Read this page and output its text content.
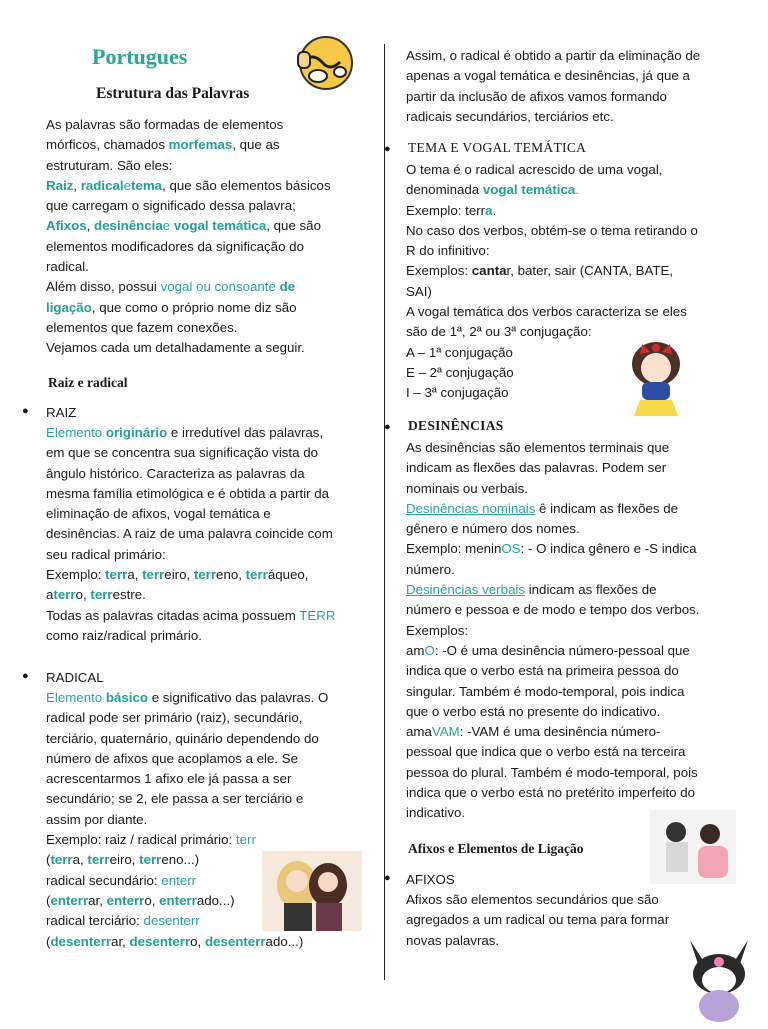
Portugues
Estrutura das Palavras
As palavras são formadas de elementos
mórficos, chamados morfemas, que as
estruturam. São eles:
Raiz, radicaletema, que são elementos básicos
que carregam o significado dessa palavra;
Afixos, desinênciae vogal temática, que são
elementos modificadores da significação do
radical.
Além disso, possui vogal ou consoante de
ligação, que como o próprio nome diz são
elementos que fazem conexões.
Vejamos cada um detalhadamente a seguir.
Raiz e radical
RAIZ
Elemento originário e irredutível das palavras,
em que se concentra sua significação vista do
ângulo histórico. Caracteriza as palavras da
mesma família etimológica e é obtida a partir da
eliminação de afixos, vogal temática e
desinências. A raiz de uma palavra coincide com
seu radical primário:
Exemplo: terra, terreiro, terreno, terráqueo,
aterro, terrestre.
Todas as palavras citadas acima possuem TERR
como raiz/radical primário.
RADICAL
Elemento básico e significativo das palavras. O
radical pode ser primário (raiz), secundário,
terciário, quaternário, quinário dependendo do
número de afixos que acoplamos a ele. Se
acrescentarmos 1 afixo ele já passa a ser
secundário; se 2, ele passa a ser terciário e
assim por diante.
Exemplo: raiz / radical primário: terr
(terra, terreiro, terreno...)
radical secundário: enterr
(enterrar, enterro, enterrado...)
radical terciário: desenterr
(desenterrar, desenterro, desenterrado...)
●
●
Assim, o radical é obtido a partir da eliminação de
apenas a vogal temática e desinências, já que a
partir da inclusão de afixos vamos formando
radicais secundários, terciários etc.
TEMA E VOGAL TEMÁTICA
O tema é o radical acrescido de uma vogal,
denominada vogal temática.
Exemplo: terra.
No caso dos verbos, obtém-se o tema retirando o
R do infinitivo:
Exemplos: cantar, bater, sair (CANTA, BATE,
SAI)
A vogal temática dos verbos caracteriza se eles
são de 1ª, 2ª ou 3ª conjugação:
A – 1ª conjugação
E – 2ª conjugação
I – 3ª conjugação
DESINÊNCIAS
As desinências são elementos terminais que
indicam as flexões das palavras. Podem ser
nominais ou verbais.
Desinências nominais ê indicam as flexões de
gênero e número dos nomes.
Exemplo: meninOS: - O indica gênero e -S indica
número.
Desinências verbais indicam as flexões de
número e pessoa e de modo e tempo dos verbos.
Exemplos:
amO: -O é uma desinência número-pessoal que
indica que o verbo está na primeira pessoa do
singular. Também é modo-temporal, pois indica
que o verbo está no presente do indicativo.
amaVAM: -VAM é uma desinência número-
pessoal que indica que o verbo está na terceira
pessoa do plural. Também é modo-temporal, pois
indica que o verbo está no pretérito imperfeito do
indicativo.
Afixos e Elementos de Ligação
AFIXOS
Afixos são elementos secundários que são
agregados a um radical ou tema para formar
novas palavras.
●
●
●
